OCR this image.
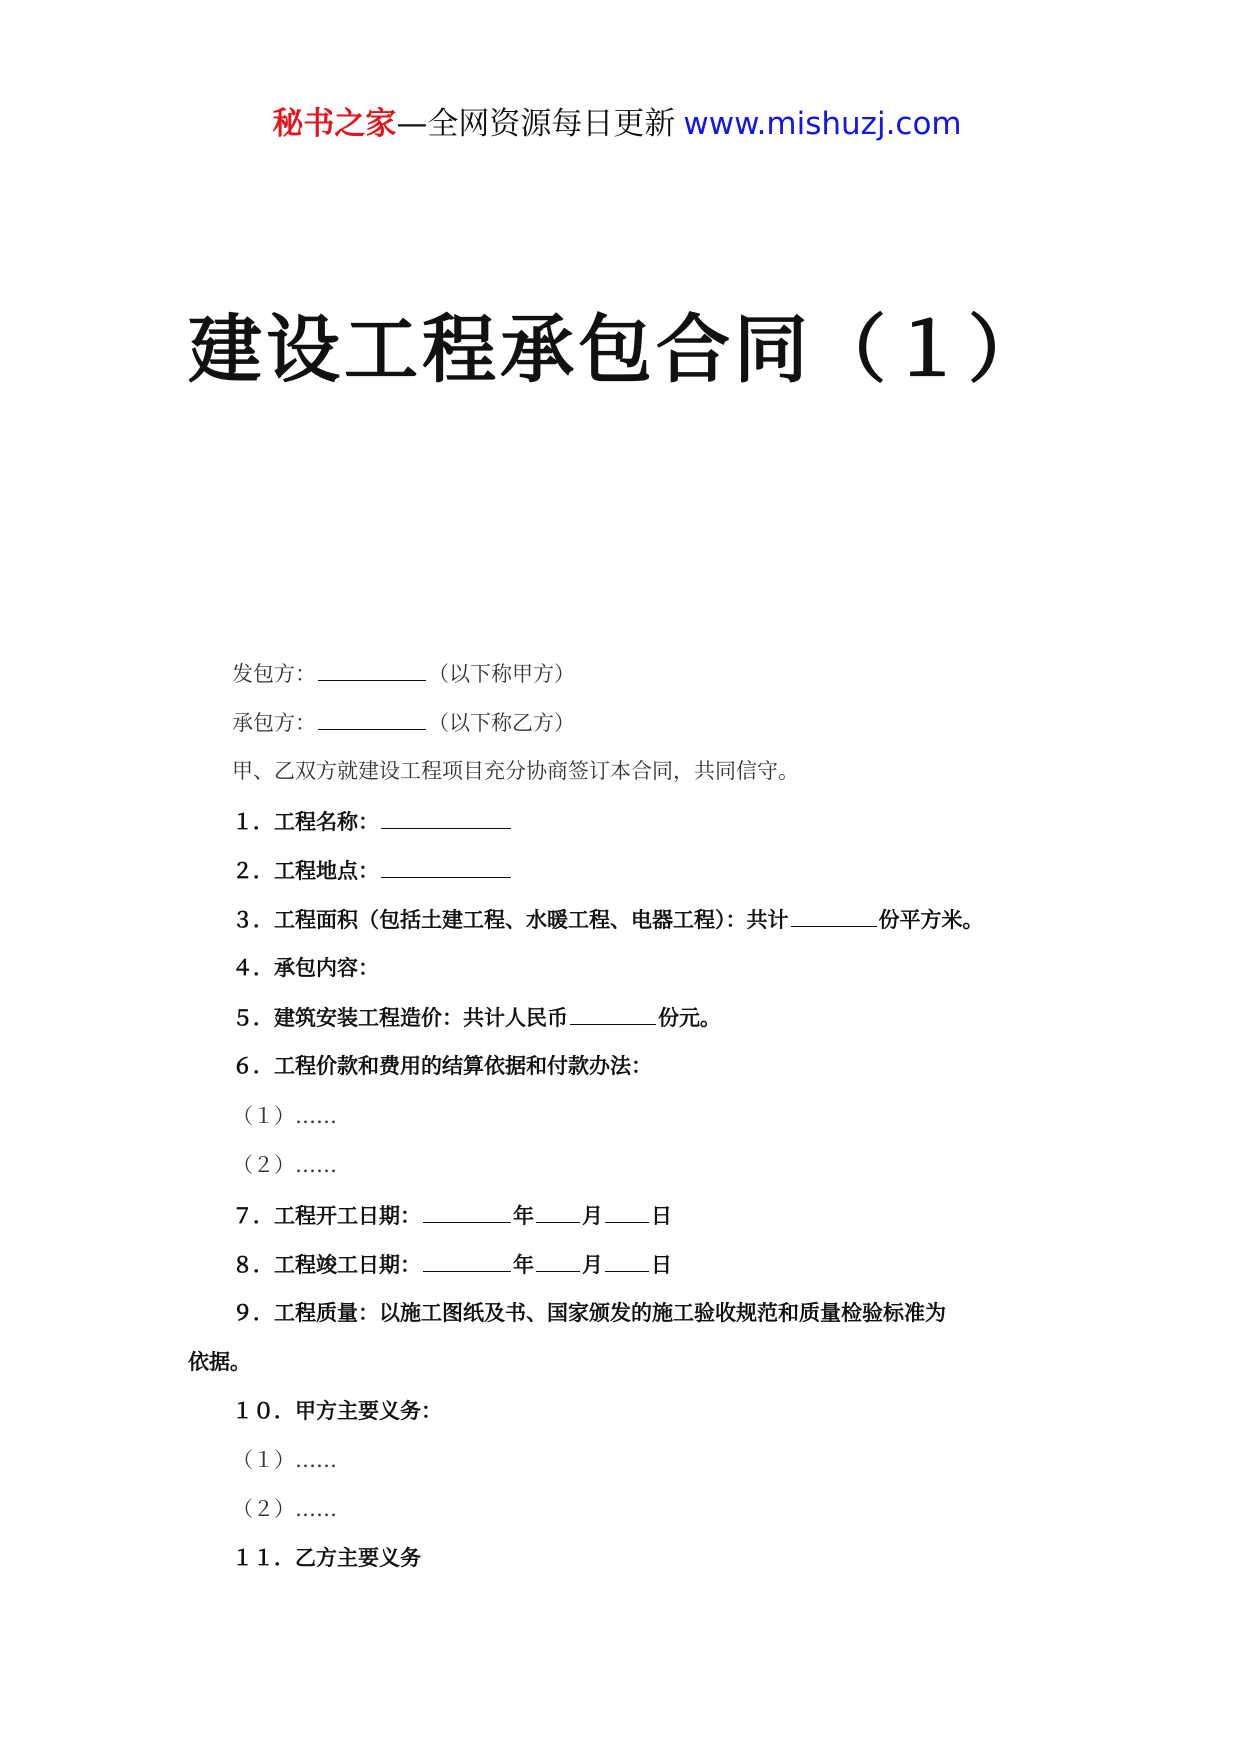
秘书之家—全网资源每日更新 www.mishuzj.com
建设工程承包合同（１）
发包方：	（以下称甲方）
承包方：	（以下称乙方）
甲、乙双方就建设工程项目充分协商签订本合同，共同信守。
１．工程名称：
２．工程地点：
３．工程面积（包括土建工程、水暖工程、电器工程）：共计	份平方米。
４．承包内容：
５．建筑安装工程造价：共计人民币	份元。
６．工程价款和费用的结算依据和付款办法：
（１）……
（２）……
７．工程开工日期：	年 月 日
８．工程竣工日期：	年 月 日
９．工程质量：以施工图纸及书、国家颁发的施工验收规范和质量检验标准为
依据。
１０．甲方主要义务：
（１）……
（２）……
１１．乙方主要义务
